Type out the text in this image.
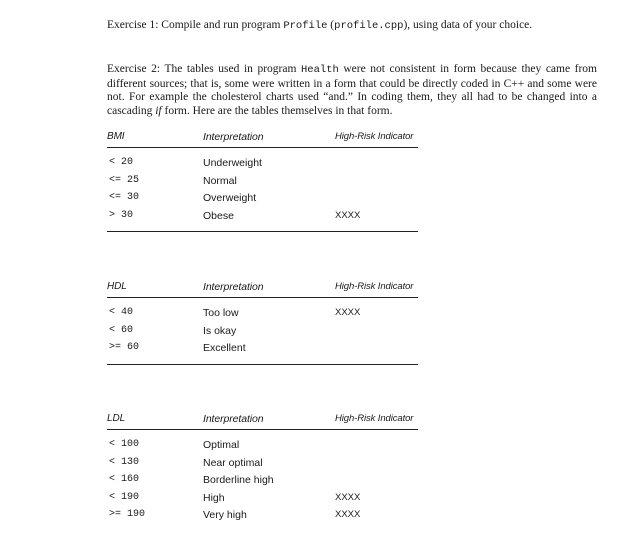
Exercise 1: Compile and run program Profile (profile.cpp), using data of your choice.

Exercise 2: The tables used in program Health were not consistent in form because they came from different sources; that is, some were written in a form that could be directly coded in C++ and some were not. For example the cholesterol charts used “and.” In coding them, they all had to be changed into a cascading if form. Here are the tables themselves in that form.

BMI	Interpretation	High-Risk Indicator
< 20	Underweight
<= 25	Normal
<= 30	Overweight
> 30	Obese	XXXX
HDL	Interpretation	High-Risk Indicator
< 40	Too low	XXXX
< 60	Is okay
>= 60	Excellent
LDL	Interpretation	High-Risk Indicator
< 100	Optimal
< 130	Near optimal
< 160	Borderline high
< 190	High	XXXX
>= 190	Very high	XXXX
